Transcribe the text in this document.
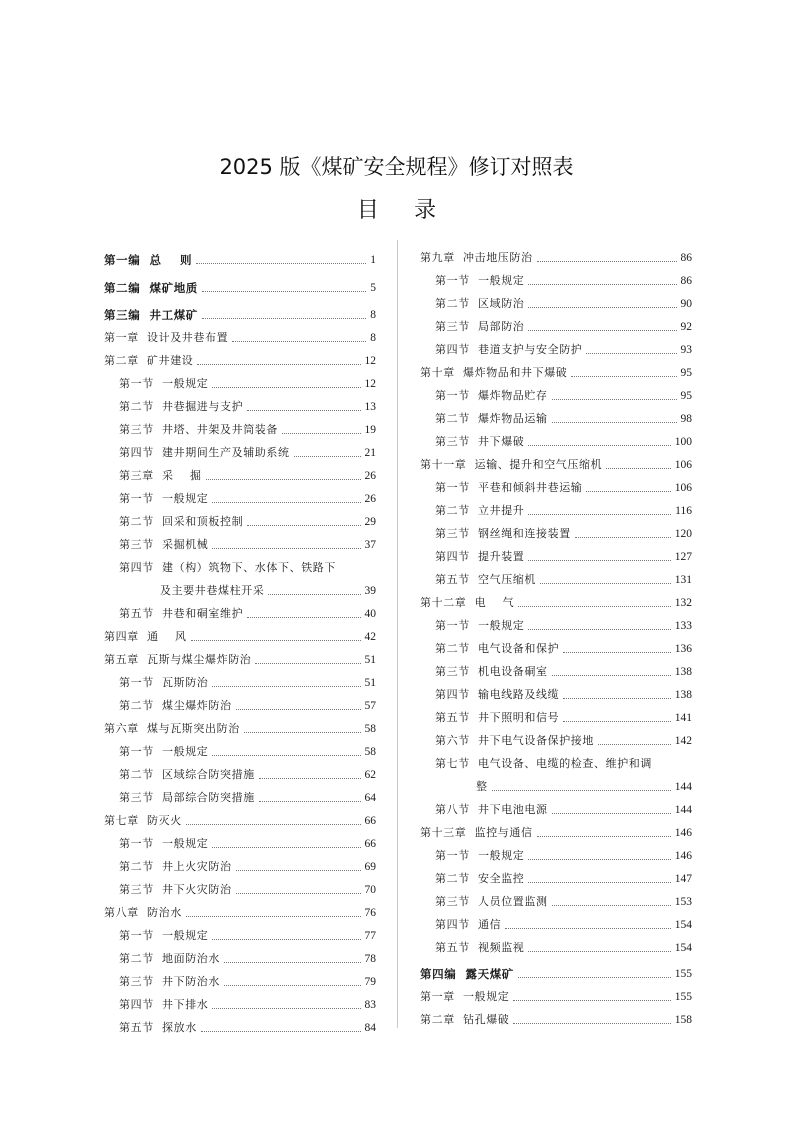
2025 版《煤矿安全规程》修订对照表
目录
第一编  总    则	1
第二编  煤矿地质	5
第三编  井工煤矿	8
第一章  设计及井巷布置	8
第二章  矿井建设	12
第一节  一般规定	12
第二节  井巷掘进与支护	13
第三节  井塔、井架及井筒装备	19
第四节  建井期间生产及辅助系统	21
第三章  采    掘	26
第一节  一般规定	26
第二节  回采和顶板控制	29
第三节  采掘机械	37
第四节  建（构）筑物下、水体下、铁路下
及主要井巷煤柱开采	39
第五节  井巷和硐室维护	40
第四章  通    风	42
第五章  瓦斯与煤尘爆炸防治	51
第一节  瓦斯防治	51
第二节  煤尘爆炸防治	57
第六章  煤与瓦斯突出防治	58
第一节  一般规定	58
第二节  区域综合防突措施	62
第三节  局部综合防突措施	64
第七章  防灭火	66
第一节  一般规定	66
第二节  井上火灾防治	69
第三节  井下火灾防治	70
第八章  防治水	76
第一节  一般规定	77
第二节  地面防治水	78
第三节  井下防治水	79
第四节  井下排水	83
第五节  探放水	84
第九章  冲击地压防治	86
第一节  一般规定	86
第二节  区域防治	90
第三节  局部防治	92
第四节  巷道支护与安全防护	93
第十章  爆炸物品和井下爆破	95
第一节  爆炸物品贮存	95
第二节  爆炸物品运输	98
第三节  井下爆破	100
第十一章  运输、提升和空气压缩机	106
第一节  平巷和倾斜井巷运输	106
第二节  立井提升	116
第三节  钢丝绳和连接装置	120
第四节  提升装置	127
第五节  空气压缩机	131
第十二章  电    气	132
第一节  一般规定	133
第二节  电气设备和保护	136
第三节  机电设备硐室	138
第四节  输电线路及线缆	138
第五节  井下照明和信号	141
第六节  井下电气设备保护接地	142
第七节  电气设备、电缆的检查、维护和调
整	144
第八节  井下电池电源	144
第十三章  监控与通信	146
第一节  一般规定	146
第二节  安全监控	147
第三节  人员位置监测	153
第四节  通信	154
第五节  视频监视	154
第四编  露天煤矿	155
第一章  一般规定	155
第二章  钻孔爆破	158
